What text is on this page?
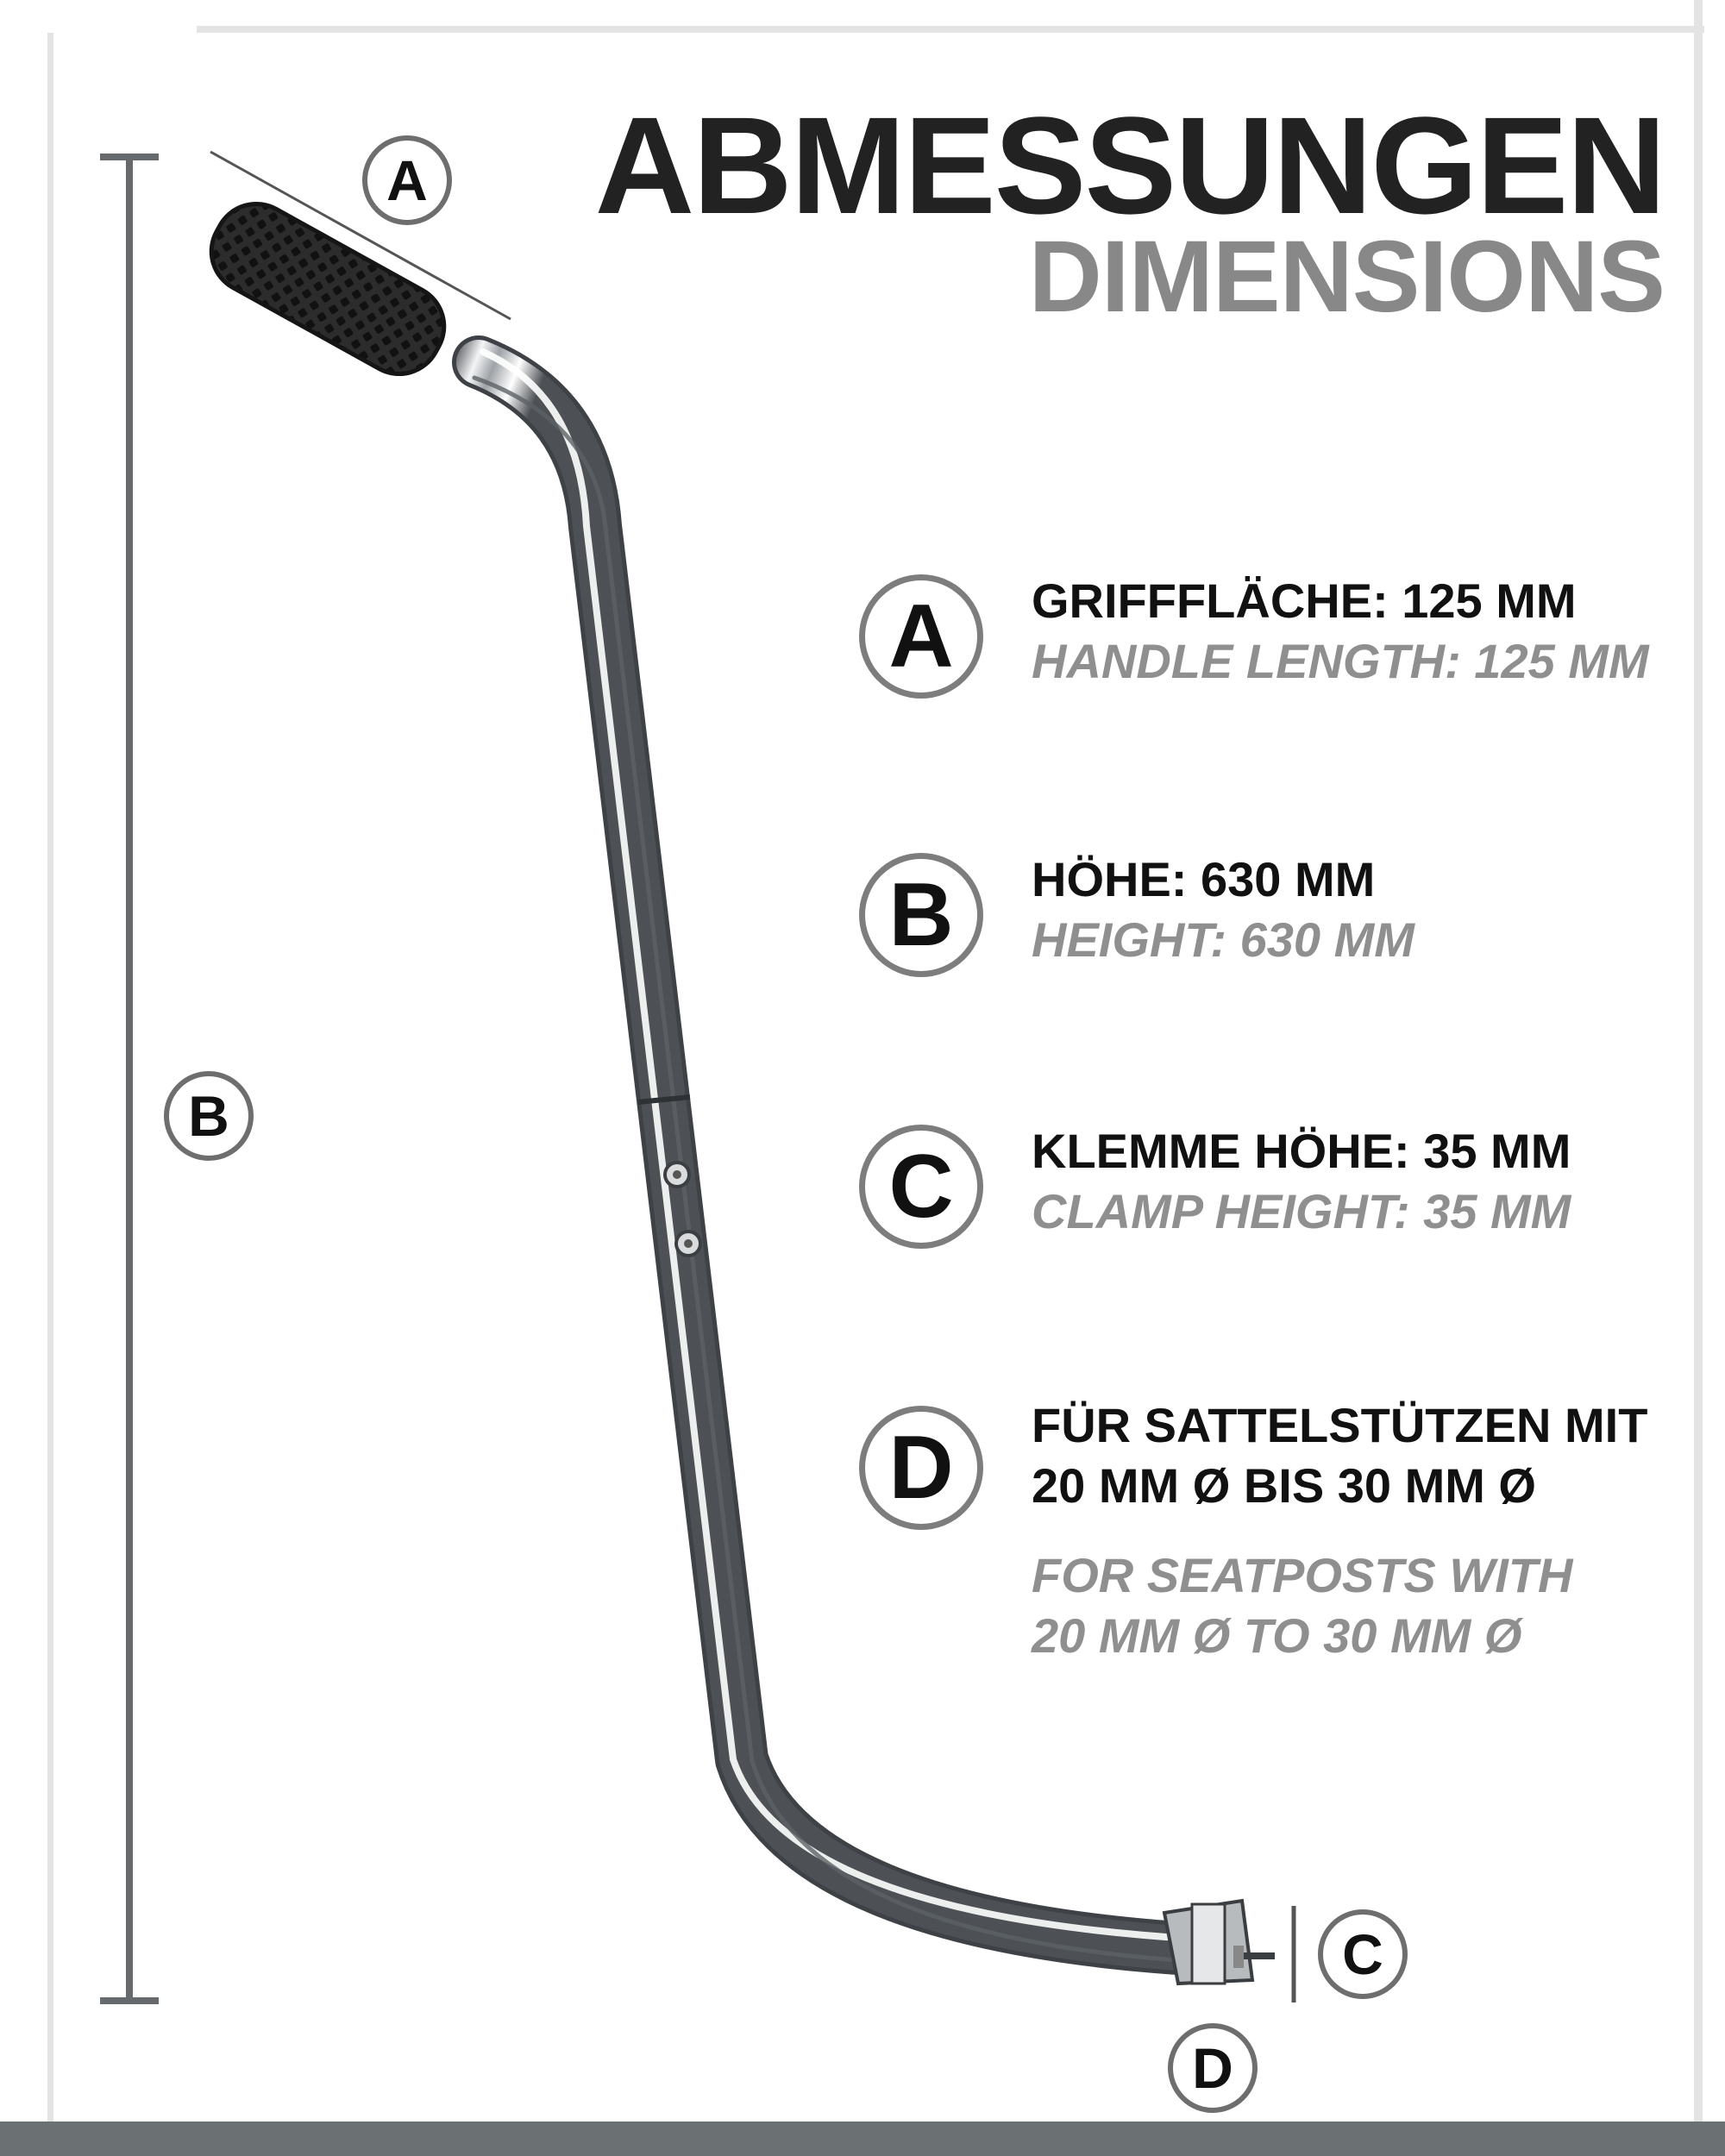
ABMESSUNGEN
DIMENSIONS
A
B
C
D
A	GRIFFFLÄCHE: 125 MM
HANDLE LENGTH: 125 MM
B	HÖHE: 630 MM
HEIGHT: 630 MM
C	KLEMME HÖHE: 35 MM
CLAMP HEIGHT: 35 MM
D	FÜR SATTELSTÜTZEN MIT
20 MM Ø BIS 30 MM Ø
FOR SEATPOSTS WITH
20 MM Ø TO 30 MM Ø
